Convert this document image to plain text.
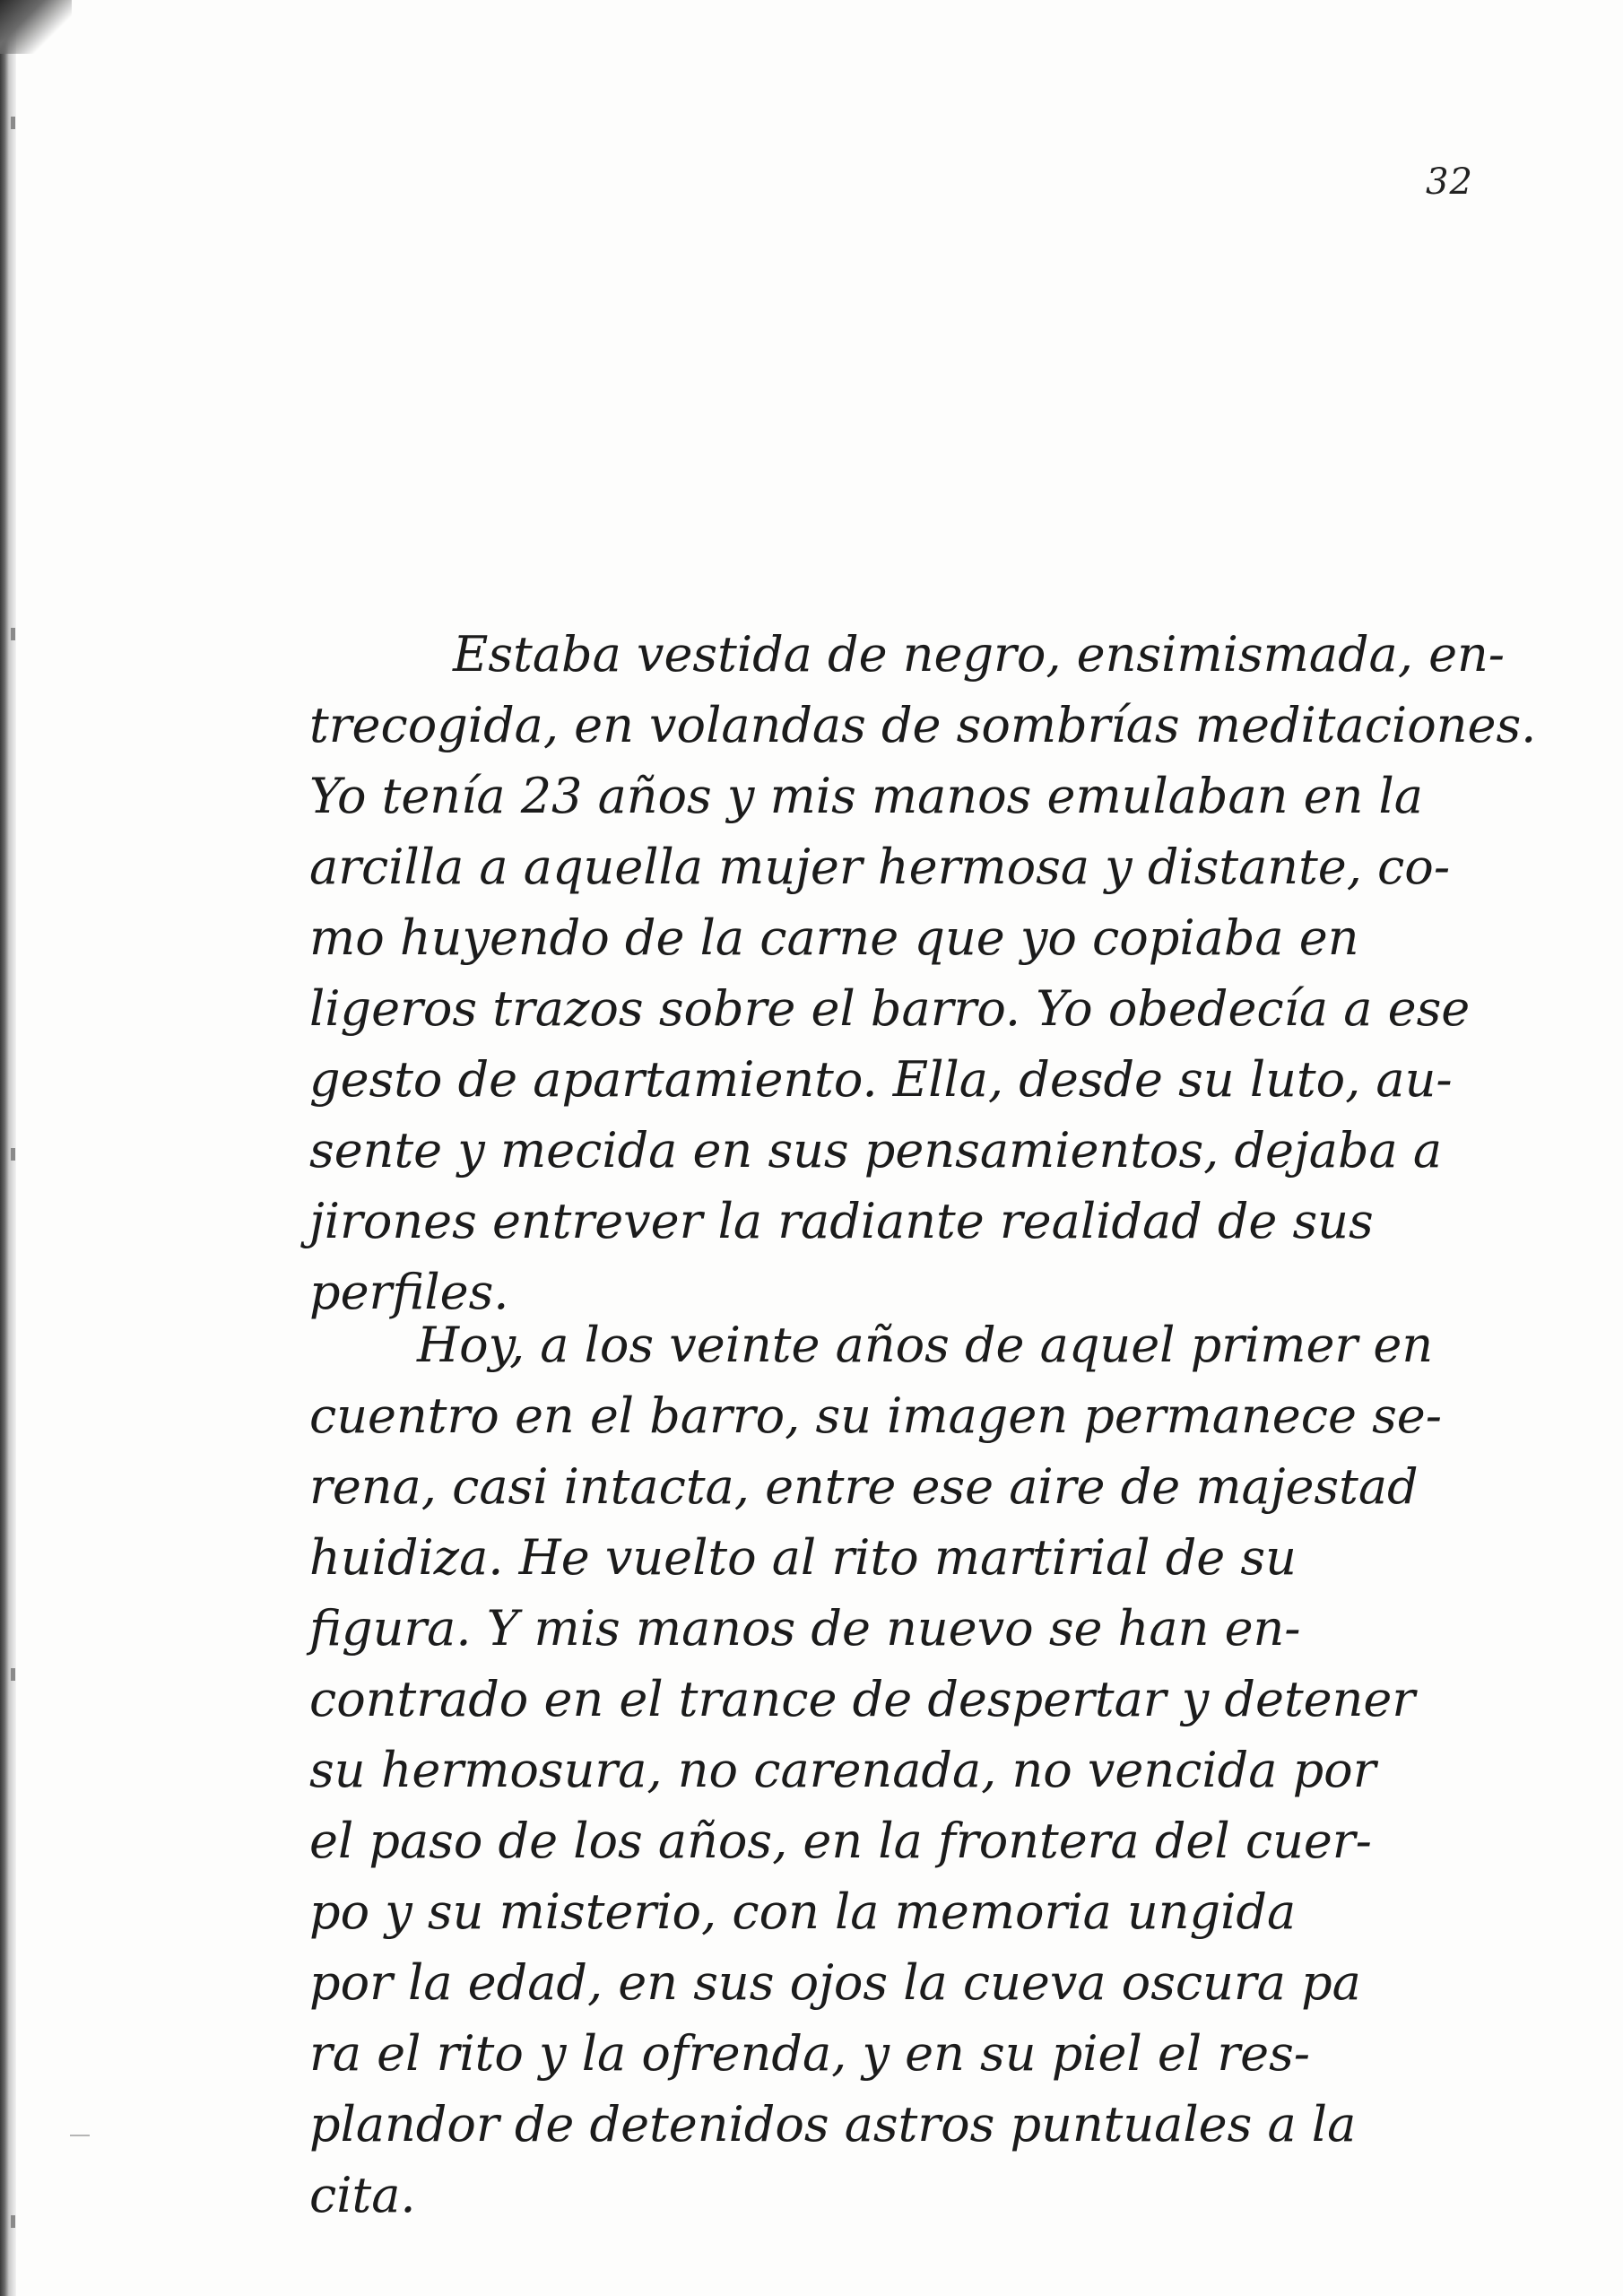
32
Estaba vestida de negro, ensimismada, en-
trecogida, en volandas de sombrías meditaciones.
Yo tenía 23 años y mis manos emulaban en la
arcilla a aquella mujer hermosa y distante, co-
mo huyendo de la carne que yo copiaba en
ligeros trazos sobre el barro. Yo obedecía a ese
gesto de apartamiento. Ella, desde su luto, au-
sente y mecida en sus pensamientos, dejaba a
jirones entrever la radiante realidad de sus
perfiles.
Hoy, a los veinte años de aquel primer en
cuentro en el barro, su imagen permanece se-
rena, casi intacta, entre ese aire de majestad
huidiza. He vuelto al rito martirial de su
figura. Y mis manos de nuevo se han en-
contrado en el trance de despertar y detener
su hermosura, no carenada, no vencida por
el paso de los años, en la frontera del cuer-
po y su misterio, con la memoria ungida
por la edad, en sus ojos la cueva oscura pa
ra el rito y la ofrenda, y en su piel el res-
plandor de detenidos astros puntuales a la
cita.
